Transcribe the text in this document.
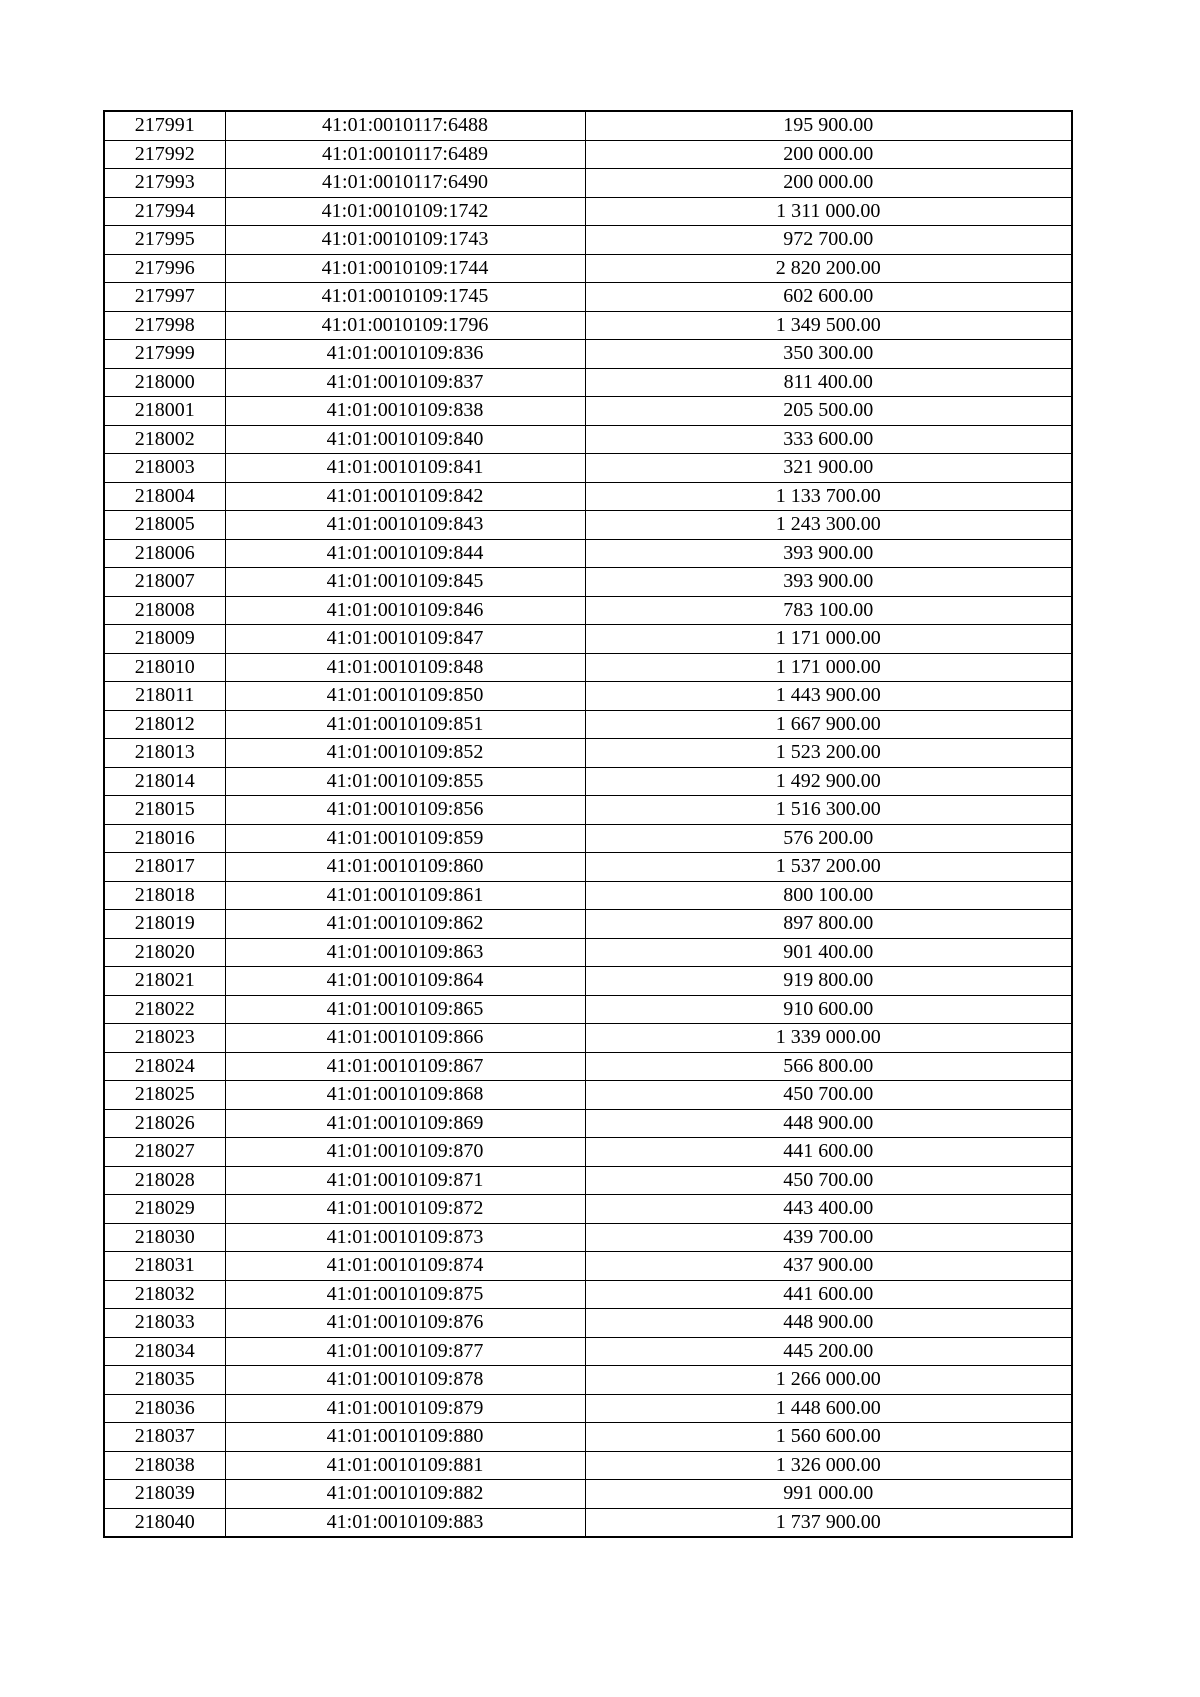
217991	41:01:0010117:6488	195 900.00
217992	41:01:0010117:6489	200 000.00
217993	41:01:0010117:6490	200 000.00
217994	41:01:0010109:1742	1 311 000.00
217995	41:01:0010109:1743	972 700.00
217996	41:01:0010109:1744	2 820 200.00
217997	41:01:0010109:1745	602 600.00
217998	41:01:0010109:1796	1 349 500.00
217999	41:01:0010109:836	350 300.00
218000	41:01:0010109:837	811 400.00
218001	41:01:0010109:838	205 500.00
218002	41:01:0010109:840	333 600.00
218003	41:01:0010109:841	321 900.00
218004	41:01:0010109:842	1 133 700.00
218005	41:01:0010109:843	1 243 300.00
218006	41:01:0010109:844	393 900.00
218007	41:01:0010109:845	393 900.00
218008	41:01:0010109:846	783 100.00
218009	41:01:0010109:847	1 171 000.00
218010	41:01:0010109:848	1 171 000.00
218011	41:01:0010109:850	1 443 900.00
218012	41:01:0010109:851	1 667 900.00
218013	41:01:0010109:852	1 523 200.00
218014	41:01:0010109:855	1 492 900.00
218015	41:01:0010109:856	1 516 300.00
218016	41:01:0010109:859	576 200.00
218017	41:01:0010109:860	1 537 200.00
218018	41:01:0010109:861	800 100.00
218019	41:01:0010109:862	897 800.00
218020	41:01:0010109:863	901 400.00
218021	41:01:0010109:864	919 800.00
218022	41:01:0010109:865	910 600.00
218023	41:01:0010109:866	1 339 000.00
218024	41:01:0010109:867	566 800.00
218025	41:01:0010109:868	450 700.00
218026	41:01:0010109:869	448 900.00
218027	41:01:0010109:870	441 600.00
218028	41:01:0010109:871	450 700.00
218029	41:01:0010109:872	443 400.00
218030	41:01:0010109:873	439 700.00
218031	41:01:0010109:874	437 900.00
218032	41:01:0010109:875	441 600.00
218033	41:01:0010109:876	448 900.00
218034	41:01:0010109:877	445 200.00
218035	41:01:0010109:878	1 266 000.00
218036	41:01:0010109:879	1 448 600.00
218037	41:01:0010109:880	1 560 600.00
218038	41:01:0010109:881	1 326 000.00
218039	41:01:0010109:882	991 000.00
218040	41:01:0010109:883	1 737 900.00
